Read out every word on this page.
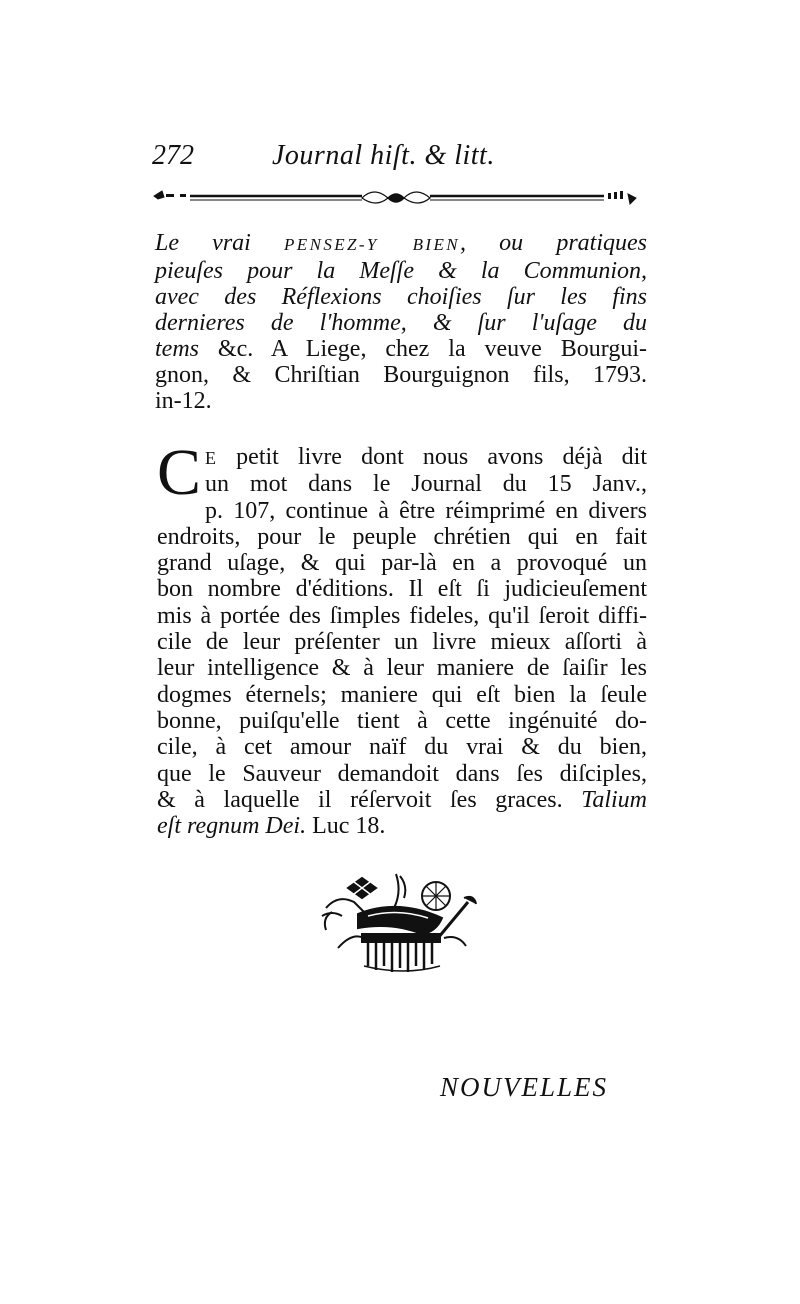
272	Journal hiſt. & litt.

Le vrai PENSEZ-Y BIEN, ou pratiques

pieuſes pour la Meſſe & la Communion,

avec des Réflexions choiſies ſur les fins

dernieres de l'homme, & ſur l'uſage du

tems &c. A Liege, chez la veuve Bourgui-

gnon, & Chriſtian Bourguignon fils, 1793.

in-12.

C E petit livre dont nous avons déjà dit
un mot dans le Journal du 15 Janv.,
p. 107, continue à être réimprimé en divers
endroits, pour le peuple chrétien qui en fait
grand uſage, & qui par-là en a provoqué un
bon nombre d'éditions. Il eſt ſi judicieuſement
mis à portée des ſimples fideles, qu'il ſeroit diffi-
cile de leur préſenter un livre mieux aſſorti à
leur intelligence & à leur maniere de ſaiſir les
dogmes éternels; maniere qui eſt bien la ſeule
bonne, puiſqu'elle tient à cette ingénuité do-
cile, à cet amour naïf du vrai & du bien,
que le Sauveur demandoit dans ſes diſciples,
& à laquelle il réſervoit ſes graces. Talium
eſt regnum Dei. Luc 18.
NOUVELLES
